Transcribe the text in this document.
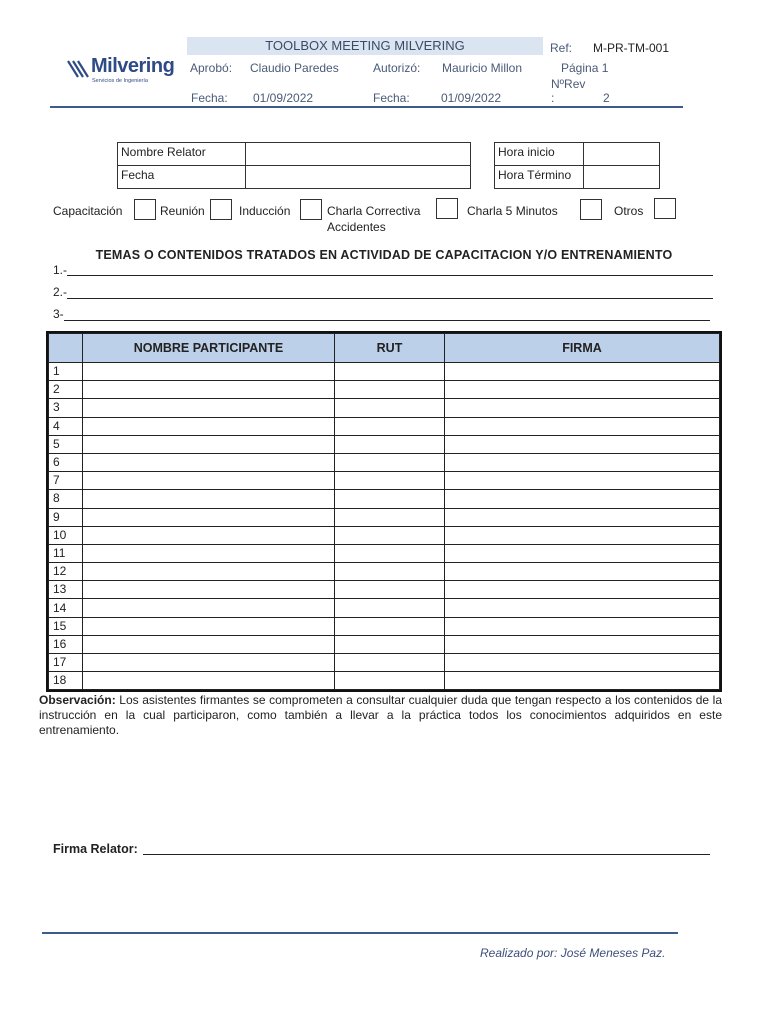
Milvering
Servicios de Ingeniería
TOOLBOX MEETING MILVERING	Ref: M-PR-TM-001
Aprobó: Claudio Paredes	Autorizó: Mauricio Millon	Página 1
NºRev
:	2
Fecha: 01/09/2022	Fecha:	01/09/2022
Nombre Relator
Fecha
Hora inicio
Hora Término
Capacitación	Reunión	Inducción	Charla Correctiva
Accidentes
Charla 5 Minutos	Otros
TEMAS O CONTENIDOS TRATADOS EN ACTIVIDAD DE CAPACITACION Y/O ENTRENAMIENTO
1.-
2.-
3-
	NOMBRE PARTICIPANTE	RUT	FIRMA
1			
2			
3			
4			
5			
6			
7			
8			
9			
10			
11			
12			
13			
14			
15			
16			
17			
18			
Observación: Los asistentes firmantes se comprometen a consultar cualquier duda que tengan respecto a los contenidos de la instrucción en la cual participaron, como también a llevar a la práctica todos los conocimientos adquiridos en este entrenamiento.
Firma Relator:
Realizado por: José Meneses Paz.
